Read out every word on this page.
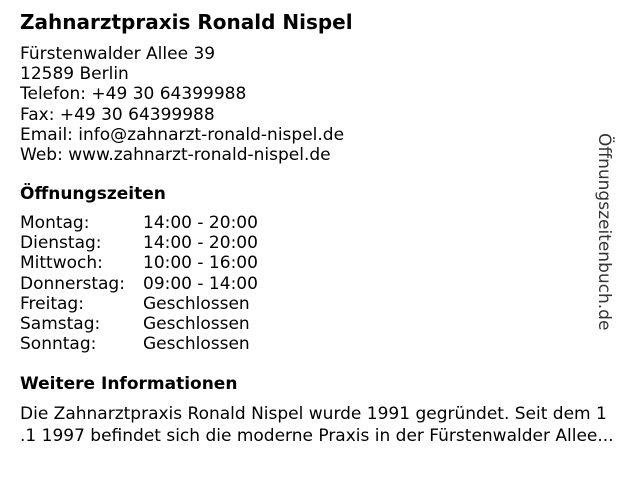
Zahnarztpraxis Ronald Nispel
Fürstenwalder Allee 39
12589 Berlin
Telefon: +49 30 64399988
Fax: +49 30 64399988
Email: info@zahnarzt-ronald-nispel.de
Web: www.zahnarzt-ronald-nispel.de
Öffnungszeiten
Montag:	14:00 - 20:00
Dienstag:	14:00 - 20:00
Mittwoch:	10:00 - 16:00
Donnerstag:	09:00 - 14:00
Freitag:	Geschlossen
Samstag:	Geschlossen
Sonntag:	Geschlossen
Weitere Informationen
Die Zahnarztpraxis Ronald Nispel wurde 1991 gegründet. Seit dem 1
.1 1997 befindet sich die moderne Praxis in der Fürstenwalder Allee...
Öffnungszeitenbuch.de
